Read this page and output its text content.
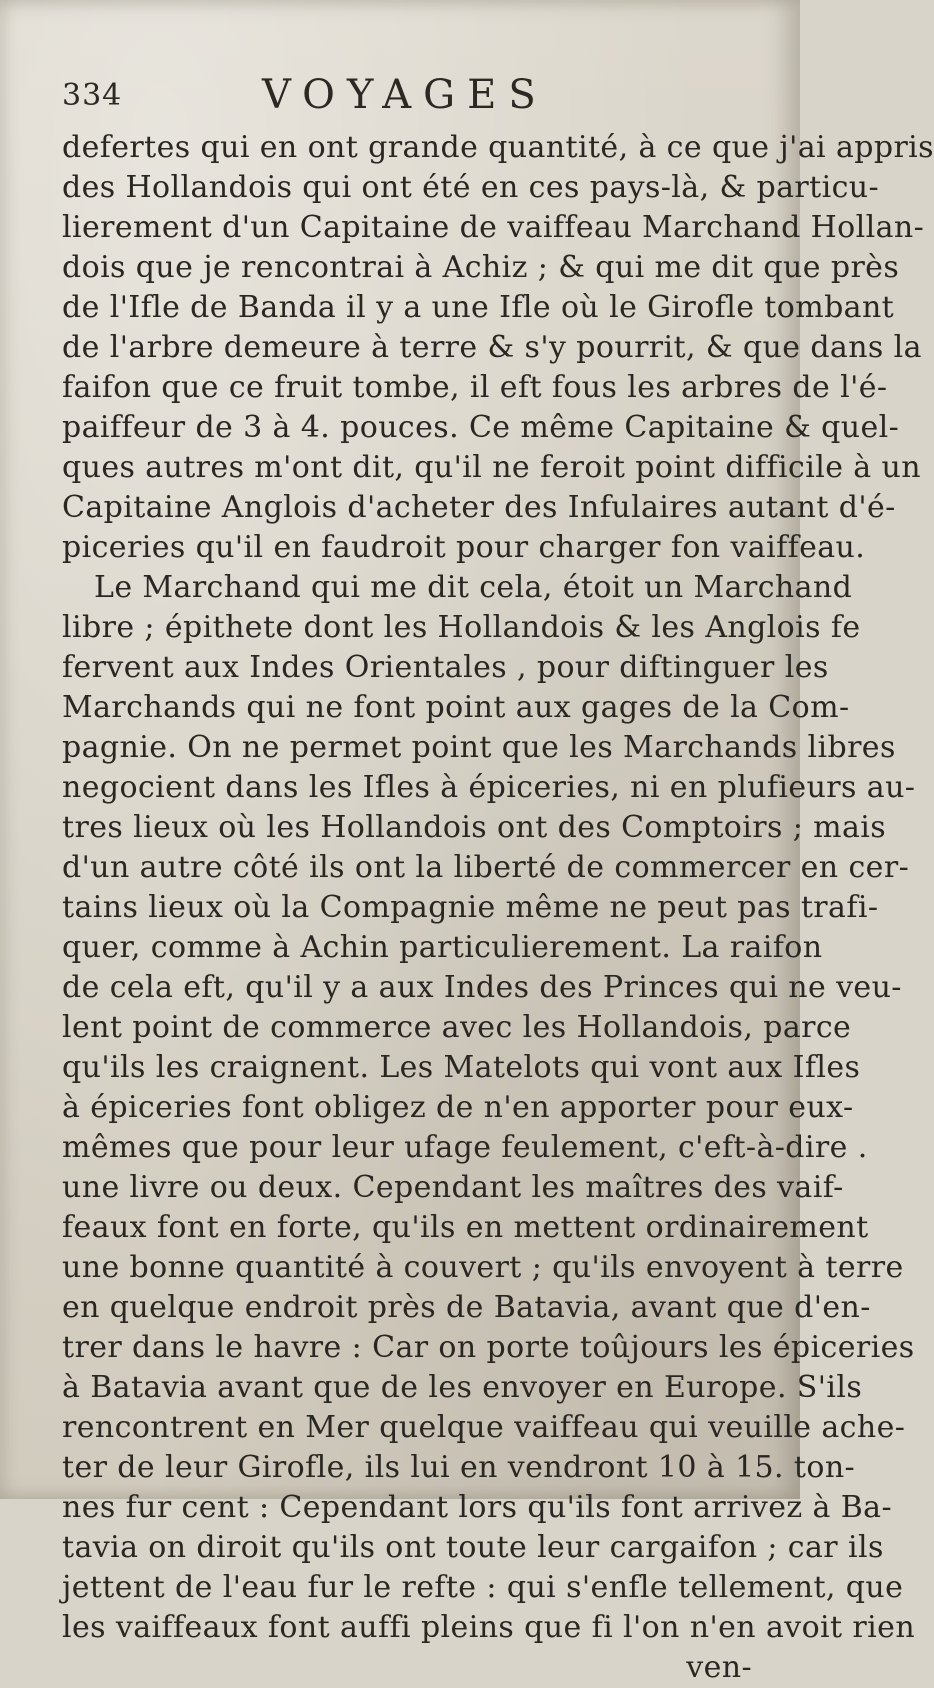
334	VOYAGES
defertes qui en ont grande quantité, à ce que j'ai appris
des Hollandois qui ont été en ces pays-là, & particu-
lierement d'un Capitaine de vaiffeau Marchand Hollan-
dois que je rencontrai à Achiz ; & qui me dit que près
de l'Ifle de Banda il y a une Ifle où le Girofle tombant
de l'arbre demeure à terre & s'y pourrit, & que dans la
faifon que ce fruit tombe, il eft fous les arbres de l'é-
paiffeur de 3 à 4. pouces. Ce même Capitaine & quel-
ques autres m'ont dit, qu'il ne feroit point difficile à un
Capitaine Anglois d'acheter des Infulaires autant d'é-
piceries qu'il en faudroit pour charger fon vaiffeau.
Le Marchand qui me dit cela, étoit un Marchand
libre ; épithete dont les Hollandois & les Anglois fe
fervent aux Indes Orientales , pour diftinguer les
Marchands qui ne font point aux gages de la Com-
pagnie. On ne permet point que les Marchands libres
negocient dans les Ifles à épiceries, ni en plufieurs au-
tres lieux où les Hollandois ont des Comptoirs ; mais
d'un autre côté ils ont la liberté de commercer en cer-
tains lieux où la Compagnie même ne peut pas trafi-
quer, comme à Achin particulierement. La raifon
de cela eft, qu'il y a aux Indes des Princes qui ne veu-
lent point de commerce avec les Hollandois, parce
qu'ils les craignent. Les Matelots qui vont aux Ifles
à épiceries font obligez de n'en apporter pour eux-
mêmes que pour leur ufage feulement, c'eft-à-dire .
une livre ou deux. Cependant les maîtres des vaif-
feaux font en forte, qu'ils en mettent ordinairement
une bonne quantité à couvert ; qu'ils envoyent à terre
en quelque endroit près de Batavia, avant que d'en-
trer dans le havre : Car on porte toûjours les épiceries
à Batavia avant que de les envoyer en Europe. S'ils
rencontrent en Mer quelque vaiffeau qui veuille ache-
ter de leur Girofle, ils lui en vendront 10 à 15. ton-
nes fur cent : Cependant lors qu'ils font arrivez à Ba-
tavia on diroit qu'ils ont toute leur cargaifon ; car ils
jettent de l'eau fur le refte : qui s'enfle tellement, que
les vaiffeaux font auffi pleins que fi l'on n'en avoit rien
ven-
